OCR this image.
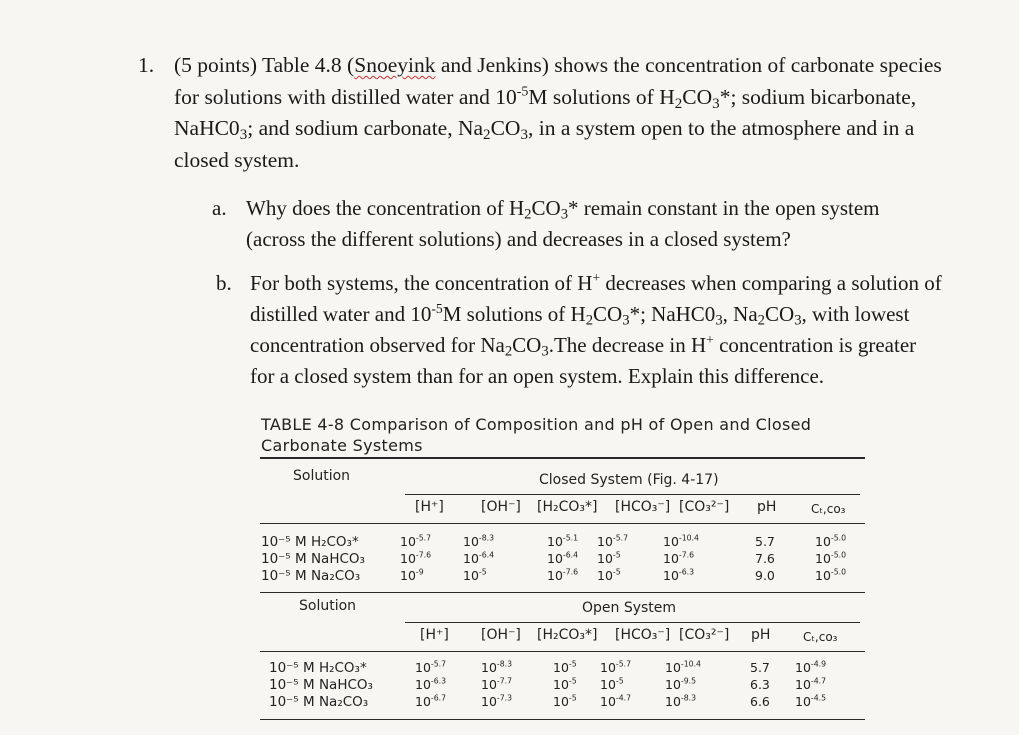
1. (5 points) Table 4.8 (Snoeyink and Jenkins) shows the concentration of carbonate species
for solutions with distilled water and $10^{-5}M$ solutions of $H_2CO_3*$; sodium bicarbonate,
$NaHC0_3$; and sodium carbonate, $Na_2CO_3$, in a system open to the atmosphere and in a
closed system.
a. Why does the concentration of $H_2CO_3*$ remain constant in the open system
(across the different solutions) and decreases in a closed system?
b. For both systems, the concentration of H+ decreases when comparing a solution of
distilled water and $10^{-5}M$ solutions of $H_2CO_3*$; $NaHC0_3$, $Na_2CO_3$, with lowest
concentration observed for $Na_2CO_3.The$ decrease in H+ concentration is greater
for a closed system than for an open system. Explain this difference.
TABLE 4-8 Comparison of Composition and pH of Open and Closed
Carbonate Systems
Solution	Closed System (Fig. 4-17)
[H⁺]	[OH⁻] [H₂CO₃*] [HCO₃⁻] [CO₃²⁻] pH	Cₜ,co₃
10⁻⁵ M H₂CO₃*	$10^{-5.7}$	$10^{-8.3}$	$10^{-5.1}$ $10^{-5.7}$	$10^{-10.4}$	5.7	$10^{-5.0}$
10⁻⁵ M NaHCO₃	$10^{-7.6}$	$10^{-6.4}$	$10^{-6.4}$ $10^{-5}$	$10^{-7.6}$	7.6	$10^{-5.0}$
10⁻⁵ M Na₂CO₃	$10^{-9}$	$10^{-5}$	$10^{-7.6}$ $10^{-5}$	$10^{-6.3}$	9.0	$10^{-5.0}$
Solution	Open System
[H⁺] [OH⁻] [H₂CO₃*] [HCO₃⁻] [CO₃²⁻] pH	Cₜ,co₃
10⁻⁵ M H₂CO₃*	$10^{-5.7}$	$10^{-8.3}$	$10^{-5}$ $10^{-5.7}$	$10^{-10.4}$	5.7 $10^{-4.9}$
10⁻⁵ M NaHCO₃	$10^{-6.3}$	$10^{-7.7}$	$10^{-5}$ $10^{-5}$	$10^{-9.5}$	6.3 $10^{-4.7}$
10⁻⁵ M Na₂CO₃	$10^{-6.7}$	$10^{-7.3}$	$10^{-5}$ $10^{-4.7}$	$10^{-8.3}$	6.6 $10^{-4.5}$
